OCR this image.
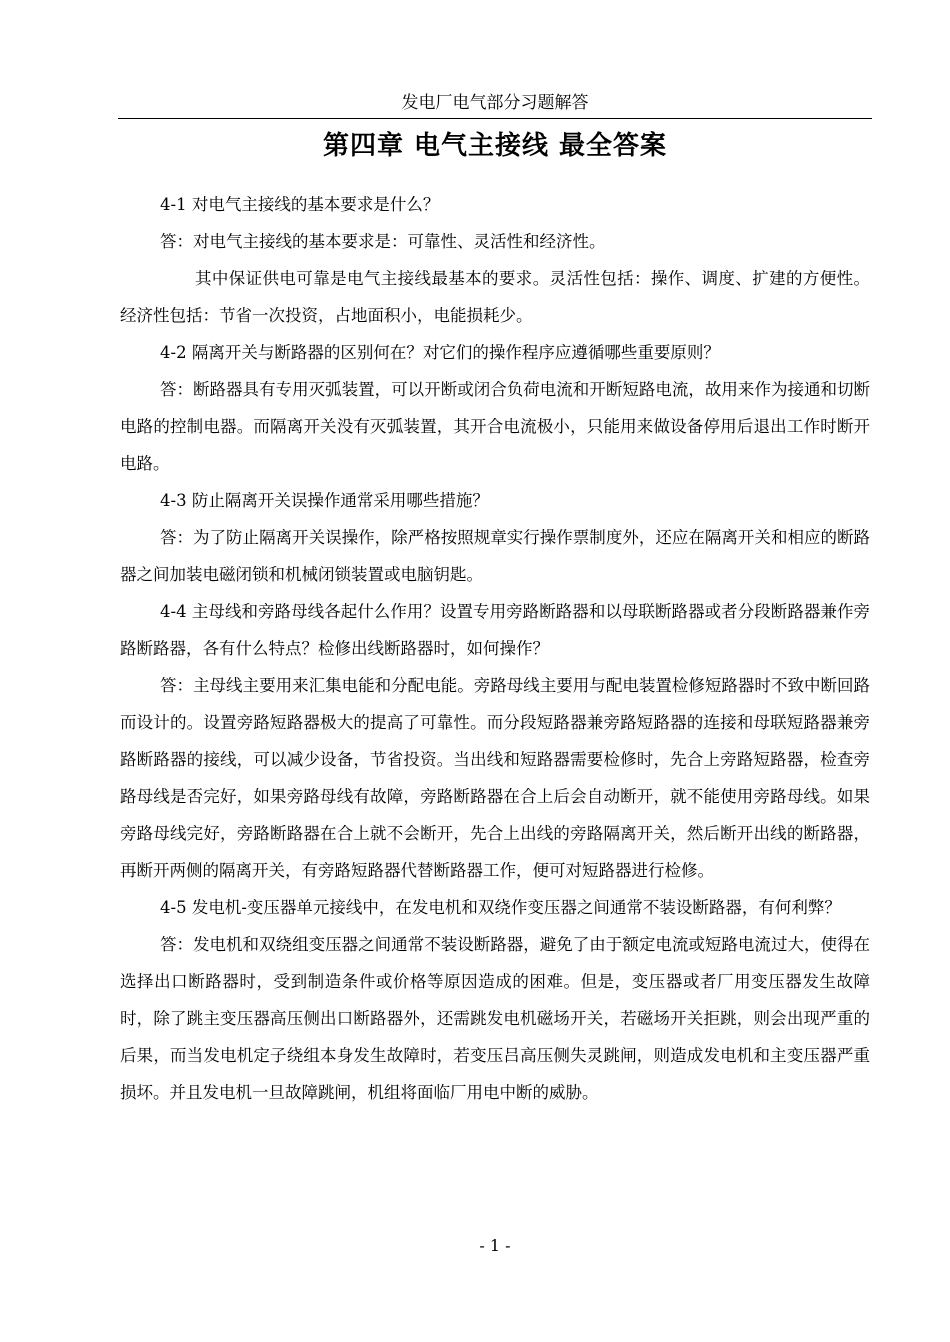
发电厂电气部分习题解答
第四章 电气主接线 最全答案

4-1 对电气主接线的基本要求是什么？

答：对电气主接线的基本要求是：可靠性、灵活性和经济性。

其中保证供电可靠是电气主接线最基本的要求。灵活性包括：操作、调度、扩建的方便性。经济性包括：节省一次投资，占地面积小，电能损耗少。

4-2 隔离开关与断路器的区别何在？对它们的操作程序应遵循哪些重要原则？

答：断路器具有专用灭弧装置，可以开断或闭合负荷电流和开断短路电流，故用来作为接通和切断电路的控制电器。而隔离开关没有灭弧装置，其开合电流极小，只能用来做设备停用后退出工作时断开电路。

4-3 防止隔离开关误操作通常采用哪些措施？

答：为了防止隔离开关误操作，除严格按照规章实行操作票制度外，还应在隔离开关和相应的断路器之间加装电磁闭锁和机械闭锁装置或电脑钥匙。

4-4 主母线和旁路母线各起什么作用？设置专用旁路断路器和以母联断路器或者分段断路器兼作旁路断路器，各有什么特点？检修出线断路器时，如何操作？

答：主母线主要用来汇集电能和分配电能。旁路母线主要用与配电装置检修短路器时不致中断回路而设计的。设置旁路短路器极大的提高了可靠性。而分段短路器兼旁路短路器的连接和母联短路器兼旁路断路器的接线，可以减少设备，节省投资。当出线和短路器需要检修时，先合上旁路短路器，检查旁路母线是否完好，如果旁路母线有故障，旁路断路器在合上后会自动断开，就不能使用旁路母线。如果旁路母线完好，旁路断路器在合上就不会断开，先合上出线的旁路隔离开关，然后断开出线的断路器，再断开两侧的隔离开关，有旁路短路器代替断路器工作，便可对短路器进行检修。

4-5 发电机-变压器单元接线中，在发电机和双绕作变压器之间通常不装设断路器，有何利弊？

答：发电机和双绕组变压器之间通常不装设断路器，避免了由于额定电流或短路电流过大，使得在选择出口断路器时，受到制造条件或价格等原因造成的困难。但是，变压器或者厂用变压器发生故障时，除了跳主变压器高压侧出口断路器外，还需跳发电机磁场开关，若磁场开关拒跳，则会出现严重的后果，而当发电机定子绕组本身发生故障时，若变压吕高压侧失灵跳闸，则造成发电机和主变压器严重损坏。并且发电机一旦故障跳闸，机组将面临厂用电中断的威胁。

- 1 -
